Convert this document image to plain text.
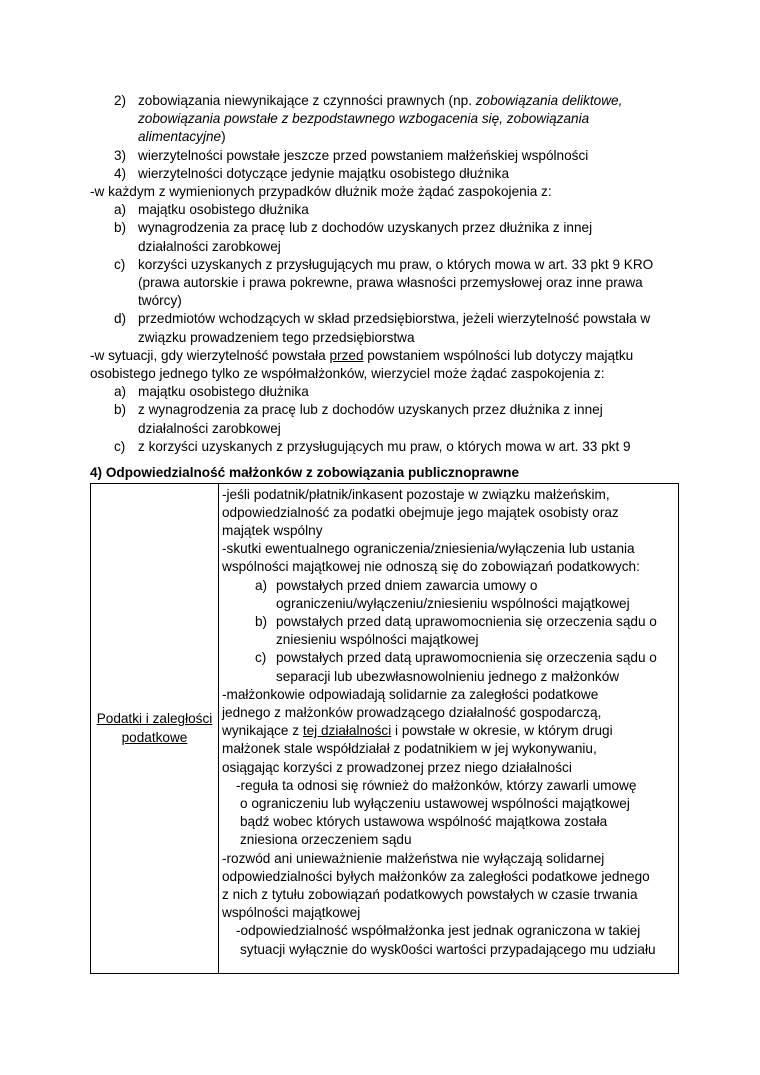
2) zobowiązania niewynikające z czynności prawnych (np. zobowiązania deliktowe,
zobowiązania powstałe z bezpodstawnego wzbogacenia się, zobowiązania
alimentacyjne)
3) wierzytelności powstałe jeszcze przed powstaniem małżeńskiej wspólności
4) wierzytelności dotyczące jedynie majątku osobistego dłużnika
-w każdym z wymienionych przypadków dłużnik może żądać zaspokojenia z:
a) majątku osobistego dłużnika
b) wynagrodzenia za pracę lub z dochodów uzyskanych przez dłużnika z innej
działalności zarobkowej
c) korzyści uzyskanych z przysługujących mu praw, o których mowa w art. 33 pkt 9 KRO
(prawa autorskie i prawa pokrewne, prawa własności przemysłowej oraz inne prawa
twórcy)
d) przedmiotów wchodzących w skład przedsiębiorstwa, jeżeli wierzytelność powstała w
związku prowadzeniem tego przedsiębiorstwa
-w sytuacji, gdy wierzytelność powstała przed powstaniem wspólności lub dotyczy majątku
osobistego jednego tylko ze współmałżonków, wierzyciel może żądać zaspokojenia z:
a) majątku osobistego dłużnika
b) z wynagrodzenia za pracę lub z dochodów uzyskanych przez dłużnika z innej
działalności zarobkowej
c) z korzyści uzyskanych z przysługujących mu praw, o których mowa w art. 33 pkt 9
4) Odpowiedzialność małżonków z zobowiązania publicznoprawne
Podatki i zaległości
podatkowe

-jeśli podatnik/płatnik/inkasent pozostaje w związku małżeńskim,
odpowiedzialność za podatki obejmuje jego majątek osobisty oraz
majątek wspólny
-skutki ewentualnego ograniczenia/zniesienia/wyłączenia lub ustania
wspólności majątkowej nie odnoszą się do zobowiązań podatkowych:
a) powstałych przed dniem zawarcia umowy o
ograniczeniu/wyłączeniu/zniesieniu wspólności majątkowej
b) powstałych przed datą uprawomocnienia się orzeczenia sądu o
zniesieniu wspólności majątkowej
c) powstałych przed datą uprawomocnienia się orzeczenia sądu o
separacji lub ubezwłasnowolnieniu jednego z małżonków
-małżonkowie odpowiadają solidarnie za zaległości podatkowe
jednego z małżonków prowadzącego działalność gospodarczą,
wynikające z tej działalności i powstałe w okresie, w którym drugi
małżonek stale współdziałał z podatnikiem w jej wykonywaniu,
osiągając korzyści z prowadzonej przez niego działalności
-reguła ta odnosi się również do małżonków, którzy zawarli umowę
o ograniczeniu lub wyłączeniu ustawowej wspólności majątkowej
bądź wobec których ustawowa wspólność majątkowa została
zniesiona orzeczeniem sądu
-rozwód ani unieważnienie małżeństwa nie wyłączają solidarnej
odpowiedzialności byłych małżonków za zaległości podatkowe jednego
z nich z tytułu zobowiązań podatkowych powstałych w czasie trwania
wspólności majątkowej
-odpowiedzialność współmałżonka jest jednak ograniczona w takiej
sytuacji wyłącznie do wysk0ości wartości przypadającego mu udziału
